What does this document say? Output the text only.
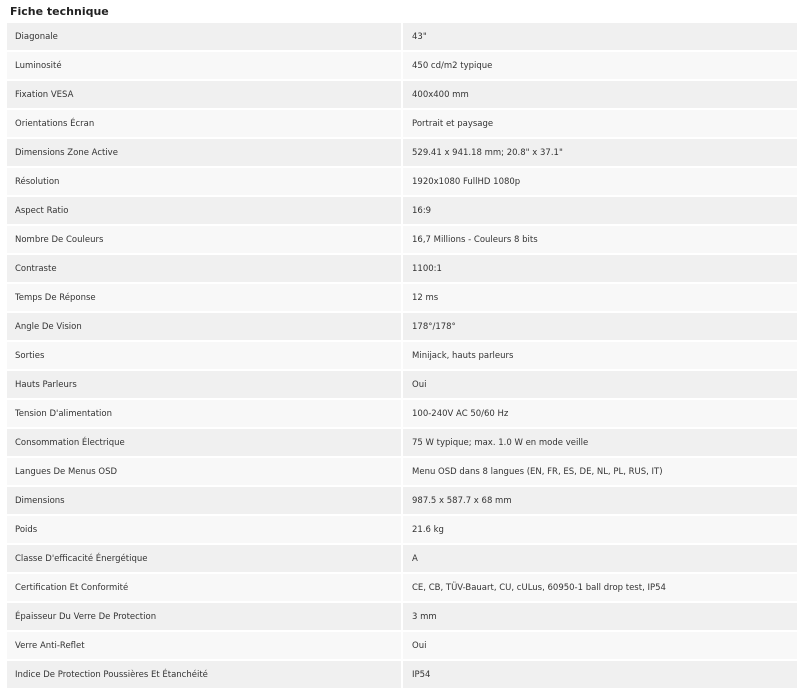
Fiche technique
Diagonale	43"
Luminosité	450 cd/m2 typique
Fixation VESA	400x400 mm
Orientations Écran	Portrait et paysage
Dimensions Zone Active	529.41 x 941.18 mm; 20.8" x 37.1"
Résolution	1920x1080 FullHD 1080p
Aspect Ratio	16:9
Nombre De Couleurs	16,7 Millions - Couleurs 8 bits
Contraste	1100:1
Temps De Réponse	12 ms
Angle De Vision	178°/178°
Sorties	Minijack, hauts parleurs
Hauts Parleurs	Oui
Tension D'alimentation	100-240V AC 50/60 Hz
Consommation Électrique	75 W typique; max. 1.0 W en mode veille
Langues De Menus OSD	Menu OSD dans 8 langues (EN, FR, ES, DE, NL, PL, RUS, IT)
Dimensions	987.5 x 587.7 x 68 mm
Poids	21.6 kg
Classe D'efficacité Énergétique	A
Certification Et Conformité	CE, CB, TÜV-Bauart, CU, cULus, 60950-1 ball drop test, IP54
Épaisseur Du Verre De Protection	3 mm
Verre Anti-Reflet	Oui
Indice De Protection Poussières Et Étanchéité	IP54
